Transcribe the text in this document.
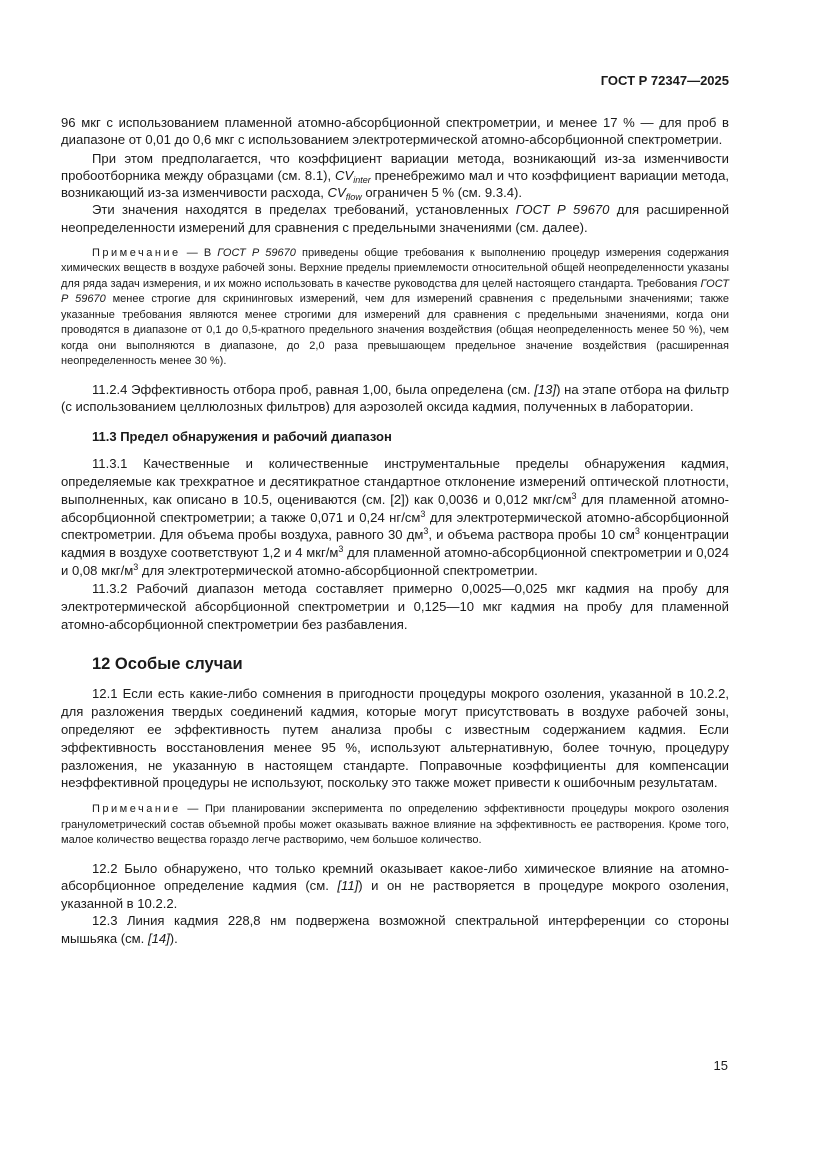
ГОСТ Р 72347—2025

96 мкг с использованием пламенной атомно-абсорбционной спектрометрии, и менее 17 % — для проб в диапазоне от 0,01 до 0,6 мкг с использованием электротермической атомно-абсорбционной спектрометрии.

При этом предполагается, что коэффициент вариации метода, возникающий из-за изменчивости пробоотборника между образцами (см. 8.1), $CV_{inter}$ пренебрежимо мал и что коэффициент вариации метода, возникающий из-за изменчивости расхода, $CV_{flow}$ ограничен 5 % (см. 9.3.4).

Эти значения находятся в пределах требований, установленных ГОСТ Р 59670 для расширенной неопределенности измерений для сравнения с предельными значениями (см. далее).

Примечание — В ГОСТ Р 59670 приведены общие требования к выполнению процедур измерения содержания химических веществ в воздухе рабочей зоны. Верхние пределы приемлемости относительной общей неопределенности указаны для ряда задач измерения, и их можно использовать в качестве руководства для целей настоящего стандарта. Требования ГОСТ Р 59670 менее строгие для скрининговых измерений, чем для измерений сравнения с предельными значениями; также указанные требования являются менее строгими для измерений для сравнения с предельными значениями, когда они проводятся в диапазоне от 0,1 до 0,5-кратного предельного значения воздействия (общая неопределенность менее 50 %), чем когда они выполняются в диапазоне, до 2,0 раза превышающем предельное значение воздействия (расширенная неопределенность менее 30 %).

11.2.4 Эффективность отбора проб, равная 1,00, была определена (см. [13]) на этапе отбора на фильтр (с использованием целлюлозных фильтров) для аэрозолей оксида кадмия, полученных в лаборатории.

11.3 Предел обнаружения и рабочий диапазон

11.3.1 Качественные и количественные инструментальные пределы обнаружения кадмия, определяемые как трехкратное и десятикратное стандартное отклонение измерений оптической плотности, выполненных, как описано в 10.5, оцениваются (см. [2]) как 0,0036 и 0,012 мкг/$см^3$ для пламенной атомно-абсорбционной спектрометрии; а также 0,071 и 0,24 $нг/см^3$ для электротермической атомно-абсорбционной спектрометрии. Для объема пробы воздуха, равного 30 $дм^3$, и объема раствора пробы 10 $см^3$ концентрации кадмия в воздухе соответствуют 1,2 и 4 мкг/$м^3$ для пламенной атомно-абсорбционной спектрометрии и 0,024 и 0,08 мкг/$м^3$ для электротермической атомно-абсорбционной спектрометрии.

11.3.2 Рабочий диапазон метода составляет примерно 0,0025—0,025 мкг кадмия на пробу для электротермической абсорбционной спектрометрии и 0,125—10 мкг кадмия на пробу для пламенной атомно-абсорбционной спектрометрии без разбавления.

12 Особые случаи

12.1 Если есть какие-либо сомнения в пригодности процедуры мокрого озоления, указанной в 10.2.2, для разложения твердых соединений кадмия, которые могут присутствовать в воздухе рабочей зоны, определяют ее эффективность путем анализа пробы с известным содержанием кадмия. Если эффективность восстановления менее 95 %, используют альтернативную, более точную, процедуру разложения, не указанную в настоящем стандарте. Поправочные коэффициенты для компенсации неэффективной процедуры не используют, поскольку это также может привести к ошибочным результатам.

Примечание — При планировании эксперимента по определению эффективности процедуры мокрого озоления гранулометрический состав объемной пробы может оказывать важное влияние на эффективность ее растворения. Кроме того, малое количество вещества гораздо легче растворимо, чем большое количество.

12.2 Было обнаружено, что только кремний оказывает какое-либо химическое влияние на атомно-абсорбционное определение кадмия (см. [11]) и он не растворяется в процедуре мокрого озоления, указанной в 10.2.2.

12.3 Линия кадмия 228,8 нм подвержена возможной спектральной интерференции со стороны мышьяка (см. [14]).

15
